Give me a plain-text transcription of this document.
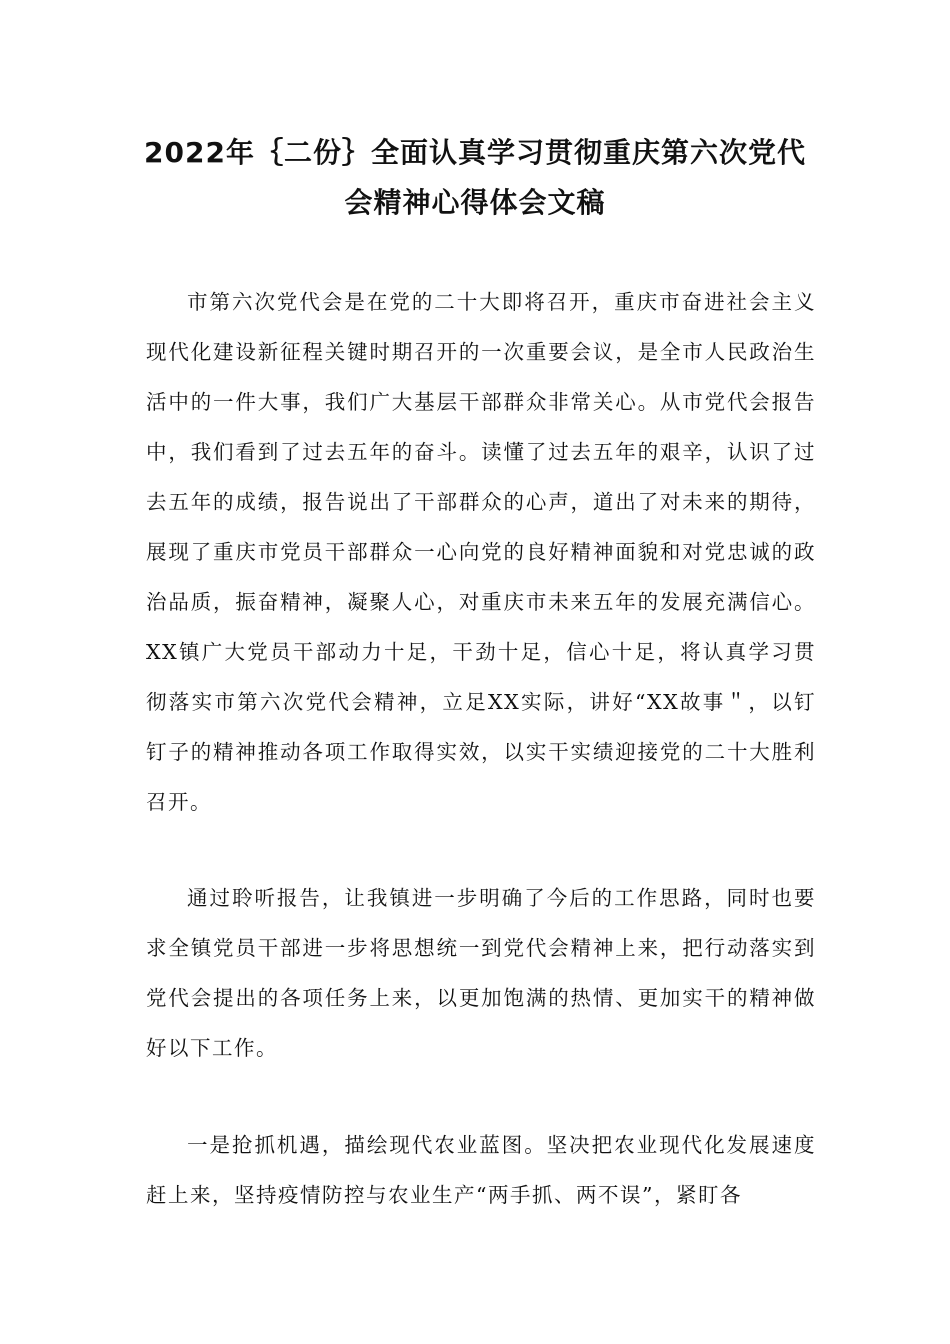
2022年｛二份｝全面认真学习贯彻重庆第六次党代
会精神心得体会文稿

市第六次党代会是在党的二十大即将召开，重庆市奋进社会主义现代化建设新征程关键时期召开的一次重要会议，是全市人民政治生活中的一件大事，我们广大基层干部群众非常关心。从市党代会报告中，我们看到了过去五年的奋斗。读懂了过去五年的艰辛，认识了过去五年的成绩，报告说出了干部群众的心声，道出了对未来的期待，展现了重庆市党员干部群众一心向党的良好精神面貌和对党忠诚的政治品质，振奋精神，凝聚人心，对重庆市未来五年的发展充满信心。XX镇广大党员干部动力十足，干劲十足，信心十足，将认真学习贯彻落实市第六次党代会精神，立足XX实际，讲好“XX故事＂，以钉钉子的精神推动各项工作取得实效，以实干实绩迎接党的二十大胜利召开。

通过聆听报告，让我镇进一步明确了今后的工作思路，同时也要求全镇党员干部进一步将思想统一到党代会精神上来，把行动落实到党代会提出的各项任务上来，以更加饱满的热情、更加实干的精神做好以下工作。

一是抢抓机遇，描绘现代农业蓝图。坚决把农业现代化发展速度赶上来，坚持疫情防控与农业生产“两手抓、两不误”，紧盯各
